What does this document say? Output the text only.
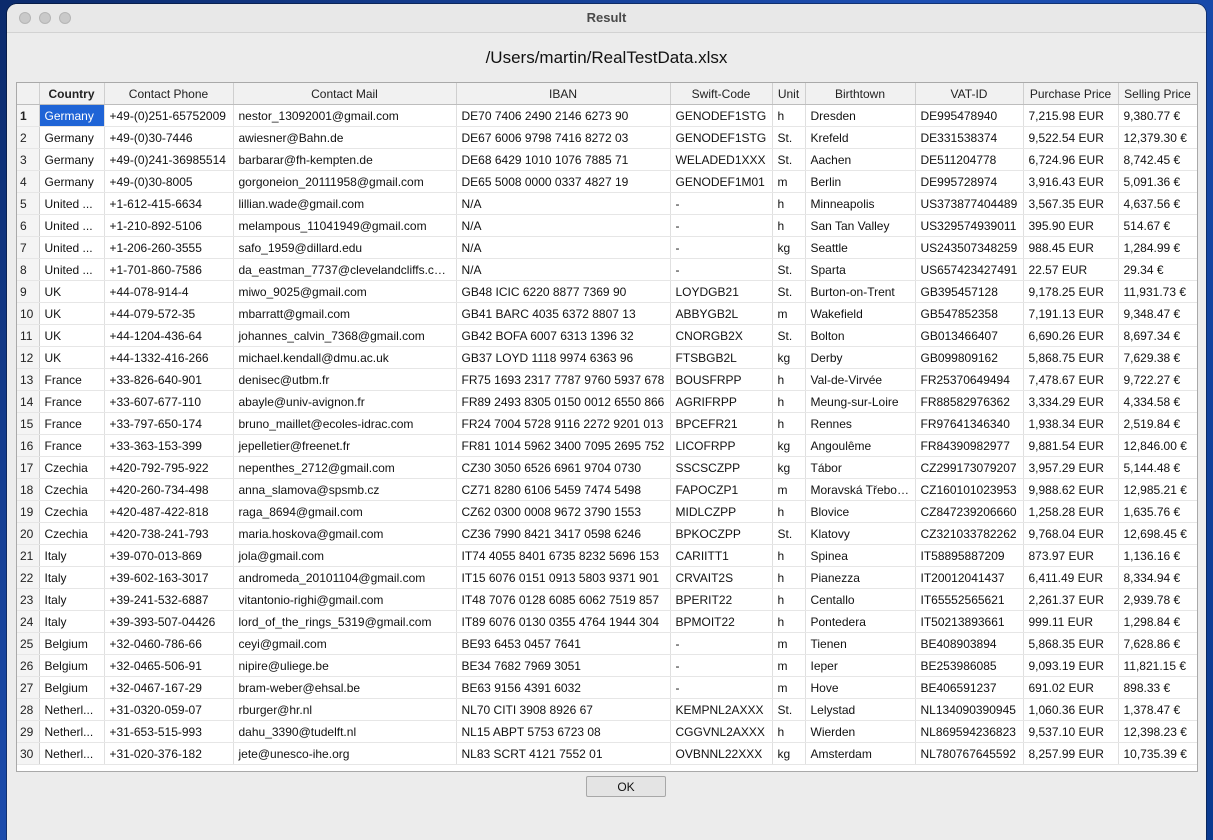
Result
/Users/martin/RealTestData.xlsx
	Country	Contact Phone	Contact Mail	IBAN	Swift-Code	Unit	Birthtown	VAT-ID	Purchase Price	Selling Price
1	Germany	+49-(0)251-65752009	nestor_13092001@gmail.com	DE70 7406 2490 2146 6273 90	GENODEF1STG	h	Dresden	DE995478940	7,215.98 EUR	9,380.77 €
2	Germany	+49-(0)30-7446	awiesner@Bahn.de	DE67 6006 9798 7416 8272 03	GENODEF1STG	St.	Krefeld	DE331538374	9,522.54 EUR	12,379.30 €
3	Germany	+49-(0)241-36985514	barbarar@fh-kempten.de	DE68 6429 1010 1076 7885 71	WELADED1XXX	St.	Aachen	DE511204778	6,724.96 EUR	8,742.45 €
4	Germany	+49-(0)30-8005	gorgoneion_20111958@gmail.com	DE65 5008 0000 0337 4827 19	GENODEF1M01	m	Berlin	DE995728974	3,916.43 EUR	5,091.36 €
5	United ...	+1-612-415-6634	lillian.wade@gmail.com	N/A	-	h	Minneapolis	US373877404489	3,567.35 EUR	4,637.56 €
6	United ...	+1-210-892-5106	melampous_11041949@gmail.com	N/A	-	h	San Tan Valley	US329574939011	395.90 EUR	514.67 €
7	United ...	+1-206-260-3555	safo_1959@dillard.edu	N/A	-	kg	Seattle	US243507348259	988.45 EUR	1,284.99 €
8	United ...	+1-701-860-7586	da_eastman_7737@clevelandcliffs.com	N/A	-	St.	Sparta	US657423427491	22.57 EUR	29.34 €
9	UK	+44-078-914-4	miwo_9025@gmail.com	GB48 ICIC 6220 8877 7369 90	LOYDGB21	St.	Burton-on-Trent	GB395457128	9,178.25 EUR	11,931.73 €
10	UK	+44-079-572-35	mbarratt@gmail.com	GB41 BARC 4035 6372 8807 13	ABBYGB2L	m	Wakefield	GB547852358	7,191.13 EUR	9,348.47 €
11	UK	+44-1204-436-64	johannes_calvin_7368@gmail.com	GB42 BOFA 6007 6313 1396 32	CNORGB2X	St.	Bolton	GB013466407	6,690.26 EUR	8,697.34 €
12	UK	+44-1332-416-266	michael.kendall@dmu.ac.uk	GB37 LOYD 1118 9974 6363 96	FTSBGB2L	kg	Derby	GB099809162	5,868.75 EUR	7,629.38 €
13	France	+33-826-640-901	denisec@utbm.fr	FR75 1693 2317 7787 9760 5937 678	BOUSFRPP	h	Val-de-Virvée	FR25370649494	7,478.67 EUR	9,722.27 €
14	France	+33-607-677-110	abayle@univ-avignon.fr	FR89 2493 8305 0150 0012 6550 866	AGRIFRPP	h	Meung-sur-Loire	FR88582976362	3,334.29 EUR	4,334.58 €
15	France	+33-797-650-174	bruno_maillet@ecoles-idrac.com	FR24 7004 5728 9116 2272 9201 013	BPCEFR21	h	Rennes	FR97641346340	1,938.34 EUR	2,519.84 €
16	France	+33-363-153-399	jepelletier@freenet.fr	FR81 1014 5962 3400 7095 2695 752	LICOFRPP	kg	Angoulême	FR84390982977	9,881.54 EUR	12,846.00 €
17	Czechia	+420-792-795-922	nepenthes_2712@gmail.com	CZ30 3050 6526 6961 9704 0730	SSCSCZPP	kg	Tábor	CZ299173079207	3,957.29 EUR	5,144.48 €
18	Czechia	+420-260-734-498	anna_slamova@spsmb.cz	CZ71 8280 6106 5459 7474 5498	FAPOCZP1	m	Moravská Třebová	CZ160101023953	9,988.62 EUR	12,985.21 €
19	Czechia	+420-487-422-818	raga_8694@gmail.com	CZ62 0300 0008 9672 3790 1553	MIDLCZPP	h	Blovice	CZ847239206660	1,258.28 EUR	1,635.76 €
20	Czechia	+420-738-241-793	maria.hoskova@gmail.com	CZ36 7990 8421 3417 0598 6246	BPKOCZPP	St.	Klatovy	CZ321033782262	9,768.04 EUR	12,698.45 €
21	Italy	+39-070-013-869	jola@gmail.com	IT74 4055 8401 6735 8232 5696 153	CARIITT1	h	Spinea	IT58895887209	873.97 EUR	1,136.16 €
22	Italy	+39-602-163-3017	andromeda_20101104@gmail.com	IT15 6076 0151 0913 5803 9371 901	CRVAIT2S	h	Pianezza	IT20012041437	6,411.49 EUR	8,334.94 €
23	Italy	+39-241-532-6887	vitantonio-righi@gmail.com	IT48 7076 0128 6085 6062 7519 857	BPERIT22	h	Centallo	IT65552565621	2,261.37 EUR	2,939.78 €
24	Italy	+39-393-507-04426	lord_of_the_rings_5319@gmail.com	IT89 6076 0130 0355 4764 1944 304	BPMOIT22	h	Pontedera	IT50213893661	999.11 EUR	1,298.84 €
25	Belgium	+32-0460-786-66	ceyi@gmail.com	BE93 6453 0457 7641	-	m	Tienen	BE408903894	5,868.35 EUR	7,628.86 €
26	Belgium	+32-0465-506-91	nipire@uliege.be	BE34 7682 7969 3051	-	m	Ieper	BE253986085	9,093.19 EUR	11,821.15 €
27	Belgium	+32-0467-167-29	bram-weber@ehsal.be	BE63 9156 4391 6032	-	m	Hove	BE406591237	691.02 EUR	898.33 €
28	Netherl...	+31-0320-059-07	rburger@hr.nl	NL70 CITI 3908 8926 67	KEMPNL2AXXX	St.	Lelystad	NL134090390945	1,060.36 EUR	1,378.47 €
29	Netherl...	+31-653-515-993	dahu_3390@tudelft.nl	NL15 ABPT 5753 6723 08	CGGVNL2AXXX	h	Wierden	NL869594236823	9,537.10 EUR	12,398.23 €
30	Netherl...	+31-020-376-182	jete@unesco-ihe.org	NL83 SCRT 4121 7552 01	OVBNNL22XXX	kg	Amsterdam	NL780767645592	8,257.99 EUR	10,735.39 €
OK
